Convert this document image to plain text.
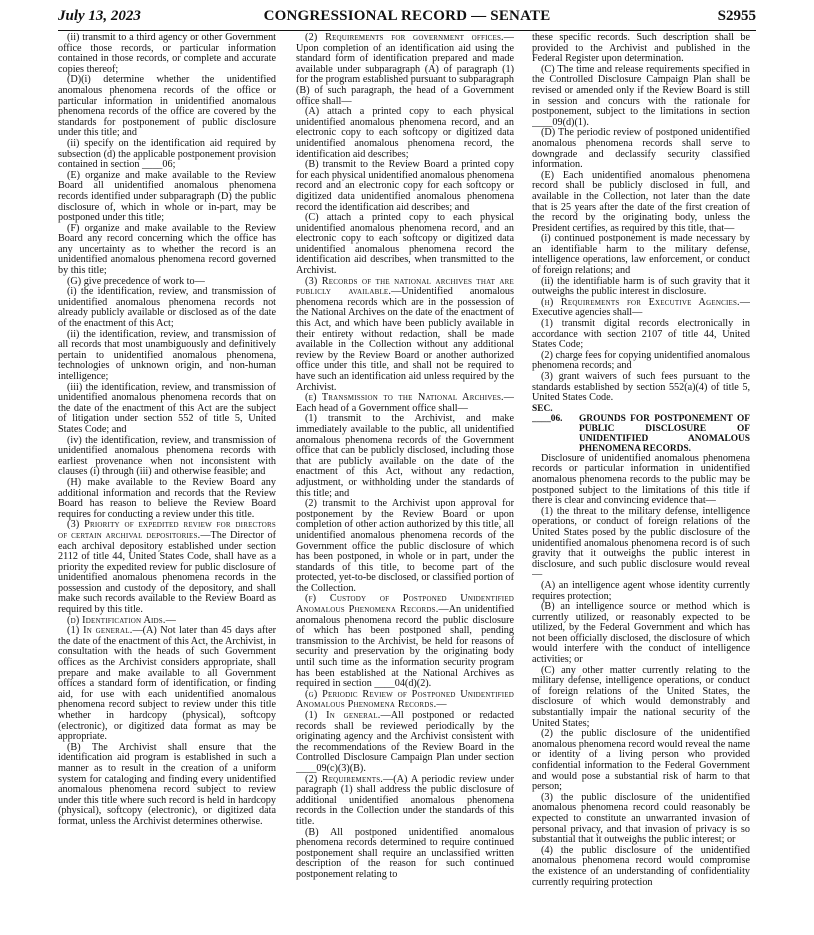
July 13, 2023	CONGRESSIONAL RECORD — SENATE	S2955

(ii) transmit to a third agency or other Government office those records, or particular information contained in those records, or complete and accurate copies thereof;

(D)(i) determine whether the unidentified anomalous phenomena records of the office or particular information in unidentified anomalous phenomena records of the office are covered by the standards for postponement of public disclosure under this title; and

(ii) specify on the identification aid required by subsection (d) the applicable postponement provision contained in section ____06;

(E) organize and make available to the Review Board all unidentified anomalous phenomena records identified under subparagraph (D) the public disclosure of, which in whole or in-part, may be postponed under this title;

(F) organize and make available to the Review Board any record concerning which the office has any uncertainty as to whether the record is an unidentified anomalous phenomena record governed by this title;

(G) give precedence of work to—

(i) the identification, review, and transmission of unidentified anomalous phenomena records not already publicly available or disclosed as of the date of the enactment of this Act;

(ii) the identification, review, and transmission of all records that most unambiguously and definitively pertain to unidentified anomalous phenomena, technologies of unknown origin, and non-human intelligence;

(iii) the identification, review, and transmission of unidentified anomalous phenomena records that on the date of the enactment of this Act are the subject of litigation under section 552 of title 5, United States Code; and

(iv) the identification, review, and transmission of unidentified anomalous phenomena records with earliest provenance when not inconsistent with clauses (i) through (iii) and otherwise feasible; and

(H) make available to the Review Board any additional information and records that the Review Board has reason to believe the Review Board requires for conducting a review under this title.

(3) Priority of expedited review for directors of certain archival depositories.—The Director of each archival depository established under section 2112 of title 44, United States Code, shall have as a priority the expedited review for public disclosure of unidentified anomalous phenomena records in the possession and custody of the depository, and shall make such records available to the Review Board as required by this title.

(d) Identification Aids.—

(1) In general.—(A) Not later than 45 days after the date of the enactment of this Act, the Archivist, in consultation with the heads of such Government offices as the Archivist considers appropriate, shall prepare and make available to all Government offices a standard form of identification, or finding aid, for use with each unidentified anomalous phenomena record subject to review under this title whether in hardcopy (physical), softcopy (electronic), or digitized data format as may be appropriate.

(B) The Archivist shall ensure that the identification aid program is established in such a manner as to result in the creation of a uniform system for cataloging and finding every unidentified anomalous phenomena record subject to review under this title where such record is held in hardcopy (physical), softcopy (electronic), or digitized data format, unless the Archivist determines otherwise.

(2) Requirements for government offices.—Upon completion of an identification aid using the standard form of identification prepared and made available under subparagraph (A) of paragraph (1) for the program established pursuant to subparagraph (B) of such paragraph, the head of a Government office shall—

(A) attach a printed copy to each physical unidentified anomalous phenomena record, and an electronic copy to each softcopy or digitized data unidentified anomalous phenomena record, the identification aid describes;

(B) transmit to the Review Board a printed copy for each physical unidentified anomalous phenomena record and an electronic copy for each softcopy or digitized data unidentified anomalous phenomena record the identification aid describes; and

(C) attach a printed copy to each physical unidentified anomalous phenomena record, and an electronic copy to each softcopy or digitized data unidentified anomalous phenomena record the identification aid describes, when transmitted to the Archivist.

(3) Records of the national archives that are publicly available.—Unidentified anomalous phenomena records which are in the possession of the National Archives on the date of the enactment of this Act, and which have been publicly available in their entirety without redaction, shall be made available in the Collection without any additional review by the Review Board or another authorized office under this title, and shall not be required to have such an identification aid unless required by the Archivist.

(e) Transmission to the National Archives.—Each head of a Government office shall—

(1) transmit to the Archivist, and make immediately available to the public, all unidentified anomalous phenomena records of the Government office that can be publicly disclosed, including those that are publicly available on the date of the enactment of this Act, without any redaction, adjustment, or withholding under the standards of this title; and

(2) transmit to the Archivist upon approval for postponement by the Review Board or upon completion of other action authorized by this title, all unidentified anomalous phenomena records of the Government office the public disclosure of which has been postponed, in whole or in part, under the standards of this title, to become part of the protected, yet-to-be disclosed, or classified portion of the Collection.

(f) Custody of Postponed Unidentified Anomalous Phenomena Records.—An unidentified anomalous phenomena record the public disclosure of which has been postponed shall, pending transmission to the Archivist, be held for reasons of security and preservation by the originating body until such time as the information security program has been established at the National Archives as required in section ____04(d)(2).

(g) Periodic Review of Postponed Unidentified Anomalous Phenomena Records.—

(1) In general.—All postponed or redacted records shall be reviewed periodically by the originating agency and the Archivist consistent with the recommendations of the Review Board in the Controlled Disclosure Campaign Plan under section ____09(c)(3)(B).

(2) Requirements.—(A) A periodic review under paragraph (1) shall address the public disclosure of additional unidentified anomalous phenomena records in the Collection under the standards of this title.

(B) All postponed unidentified anomalous phenomena records determined to require continued postponement shall require an unclassified written description of the reason for such continued postponement relating to

these specific records. Such description shall be provided to the Archivist and published in the Federal Register upon determination.

(C) The time and release requirements specified in the Controlled Disclosure Campaign Plan shall be revised or amended only if the Review Board is still in session and concurs with the rationale for postponement, subject to the limitations in section ____09(d)(1).

(D) The periodic review of postponed unidentified anomalous phenomena records shall serve to downgrade and declassify security classified information.

(E) Each unidentified anomalous phenomena record shall be publicly disclosed in full, and available in the Collection, not later than the date that is 25 years after the date of the first creation of the record by the originating body, unless the President certifies, as required by this title, that—

(i) continued postponement is made necessary by an identifiable harm to the military defense, intelligence operations, law enforcement, or conduct of foreign relations; and

(ii) the identifiable harm is of such gravity that it outweighs the public interest in disclosure.

(h) Requirements for Executive Agencies.—Executive agencies shall—

(1) transmit digital records electronically in accordance with section 2107 of title 44, United States Code;

(2) charge fees for copying unidentified anomalous phenomena records; and

(3) grant waivers of such fees pursuant to the standards established by section 552(a)(4) of title 5, United States Code.

SEC. ____06.	GROUNDS FOR POSTPONEMENT OF PUBLIC DISCLOSURE OF UNIDENTIFIED ANOMALOUS PHENOMENA RECORDS.

Disclosure of unidentified anomalous phenomena records or particular information in unidentified anomalous phenomena records to the public may be postponed subject to the limitations of this title if there is clear and convincing evidence that—

(1) the threat to the military defense, intelligence operations, or conduct of foreign relations of the United States posed by the public disclosure of the unidentified anomalous phenomena record is of such gravity that it outweighs the public interest in disclosure, and such public disclosure would reveal—

(A) an intelligence agent whose identity currently requires protection;

(B) an intelligence source or method which is currently utilized, or reasonably expected to be utilized, by the Federal Government and which has not been officially disclosed, the disclosure of which would interfere with the conduct of intelligence activities; or

(C) any other matter currently relating to the military defense, intelligence operations, or conduct of foreign relations of the United States, the disclosure of which would demonstrably and substantially impair the national security of the United States;

(2) the public disclosure of the unidentified anomalous phenomena record would reveal the name or identity of a living person who provided confidential information to the Federal Government and would pose a substantial risk of harm to that person;

(3) the public disclosure of the unidentified anomalous phenomena record could reasonably be expected to constitute an unwarranted invasion of personal privacy, and that invasion of privacy is so substantial that it outweighs the public interest; or

(4) the public disclosure of the unidentified anomalous phenomena record would compromise the existence of an understanding of confidentiality currently requiring protection
